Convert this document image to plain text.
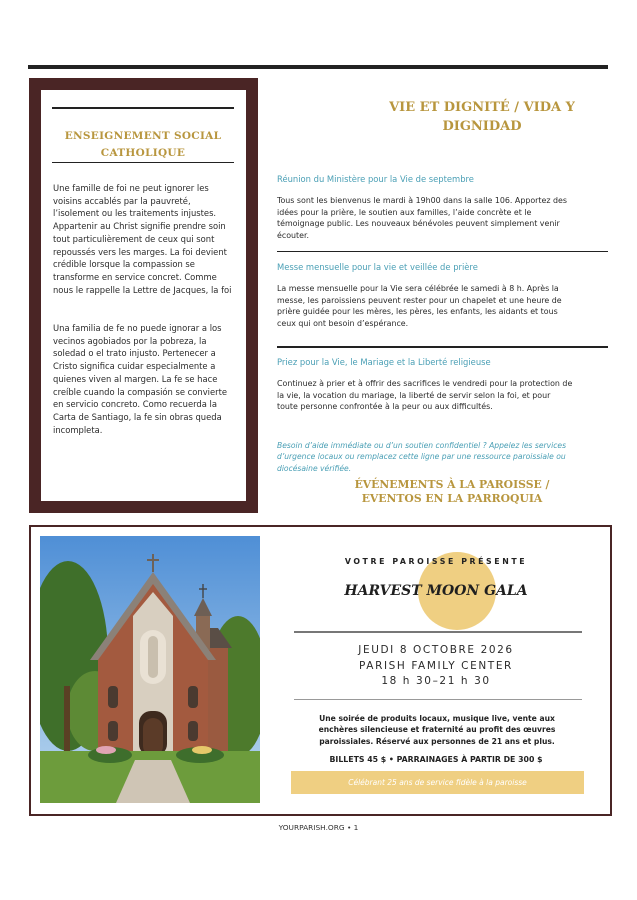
ENSEIGNEMENT SOCIAL CATHOLIQUE
Une famille de foi ne peut ignorer les voisins accablés par la pauvreté, l’isolement ou les traitements injustes. Appartenir au Christ signifie prendre soin tout particulièrement de ceux qui sont repoussés vers les marges. La foi devient crédible lorsque la compassion se transforme en service concret. Comme nous le rappelle la Lettre de Jacques, la foi
Una familia de fe no puede ignorar a los vecinos agobiados por la pobreza, la soledad o el trato injusto. Pertenecer a Cristo significa cuidar especialmente a quienes viven al margen. La fe se hace creíble cuando la compasión se convierte en servicio concreto. Como recuerda la Carta de Santiago, la fe sin obras queda incompleta.
VIE ET DIGNITÉ / VIDA Y DIGNIDAD
Réunion du Ministère pour la Vie de septembre
Tous sont les bienvenus le mardi à 19h00 dans la salle 106. Apportez des idées pour la prière, le soutien aux familles, l’aide concrète et le témoignage public. Les nouveaux bénévoles peuvent simplement venir écouter.
Messe mensuelle pour la vie et veillée de prière
La messe mensuelle pour la Vie sera célébrée le samedi à 8 h. Après la messe, les paroissiens peuvent rester pour un chapelet et une heure de prière guidée pour les mères, les pères, les enfants, les aidants et tous ceux qui ont besoin d’espérance.
Priez pour la Vie, le Mariage et la Liberté religieuse
Continuez à prier et à offrir des sacrifices le vendredi pour la protection de la vie, la vocation du mariage, la liberté de servir selon la foi, et pour toute personne confrontée à la peur ou aux difficultés.
Besoin d’aide immédiate ou d’un soutien confidentiel ? Appelez les services d’urgence locaux ou remplacez cette ligne par une ressource paroissiale ou diocésaine vérifiée.
ÉVÉNEMENTS À LA PAROISSE / EVENTOS EN LA PARROQUIA
VOTRE PAROISSE PRÉSENTE
HARVEST MOON GALA
JEUDI 8 OCTOBRE 2026
PARISH FAMILY CENTER
18 h 30–21 h 30
Une soirée de produits locaux, musique live, vente aux enchères silencieuse et fraternité au profit des œuvres paroissiales. Réservé aux personnes de 21 ans et plus.
BILLETS 45 $ • PARRAINAGES À PARTIR DE 300 $
Célébrant 25 ans de service fidèle à la paroisse
YOURPARISH.ORG • 1
